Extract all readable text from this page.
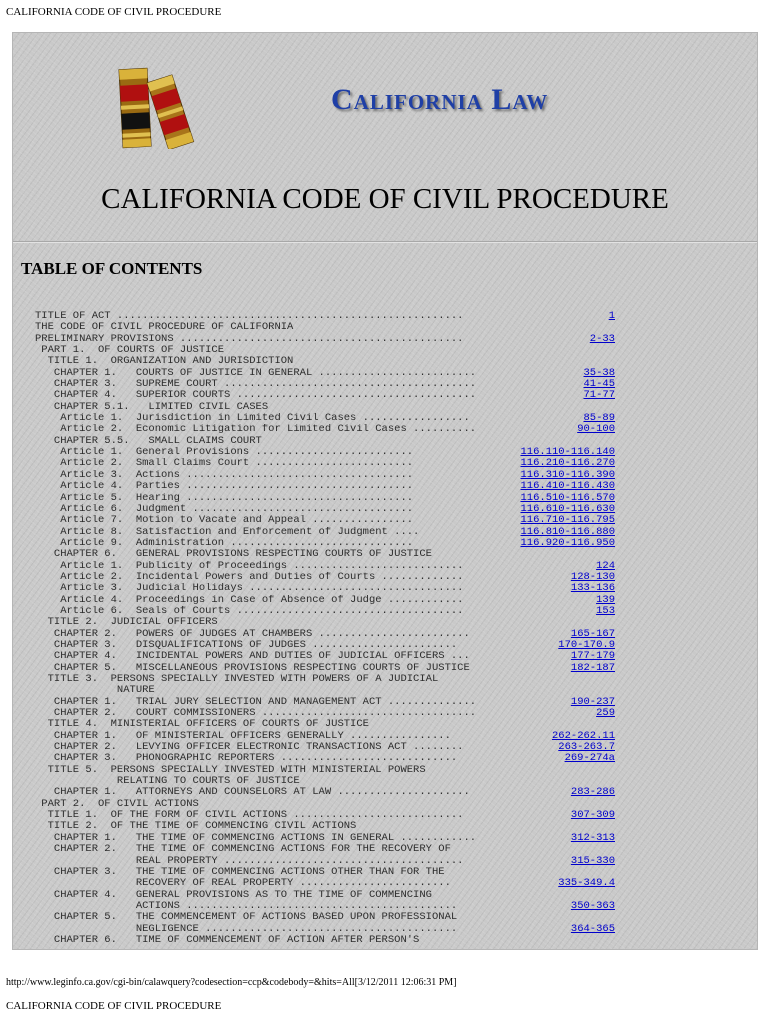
CALIFORNIA CODE OF CIVIL PROCEDURE
California Law
CALIFORNIA CODE OF CIVIL PROCEDURE
TABLE OF CONTENTS
TITLE OF ACT .......................................................	1
THE CODE OF CIVIL PROCEDURE OF CALIFORNIA
PRELIMINARY PROVISIONS .............................................	2-33
PART 1.  OF COURTS OF JUSTICE
TITLE 1.  ORGANIZATION AND JURISDICTION
CHAPTER 1.   COURTS OF JUSTICE IN GENERAL .........................	35-38
CHAPTER 3.   SUPREME COURT ........................................	41-45
CHAPTER 4.   SUPERIOR COURTS ......................................	71-77
CHAPTER 5.1.   LIMITED CIVIL CASES
Article 1.  Jurisdiction in Limited Civil Cases .................	85-89
Article 2.  Economic Litigation for Limited Civil Cases ..........	90-100
CHAPTER 5.5.   SMALL CLAIMS COURT
Article 1.  General Provisions .........................	116.110-116.140
Article 2.  Small Claims Court .........................	116.210-116.270
Article 3.  Actions ....................................	116.310-116.390
Article 4.  Parties ....................................	116.410-116.430
Article 5.  Hearing ....................................	116.510-116.570
Article 6.  Judgment ...................................	116.610-116.630
Article 7.  Motion to Vacate and Appeal ................	116.710-116.795
Article 8.  Satisfaction and Enforcement of Judgment ....	116.810-116.880
Article 9.  Administration .............................	116.920-116.950
CHAPTER 6.   GENERAL PROVISIONS RESPECTING COURTS OF JUSTICE
Article 1.  Publicity of Proceedings ...........................	124
Article 2.  Incidental Powers and Duties of Courts .............	128-130
Article 3.  Judicial Holidays ..................................	133-136
Article 4.  Proceedings in Case of Absence of Judge ............	139
Article 6.  Seals of Courts ....................................	153
TITLE 2.  JUDICIAL OFFICERS
CHAPTER 2.   POWERS OF JUDGES AT CHAMBERS ........................	165-167
CHAPTER 3.   DISQUALIFICATIONS OF JUDGES .......................	170-170.9
CHAPTER 4.   INCIDENTAL POWERS AND DUTIES OF JUDICIAL OFFICERS ...	177-179
CHAPTER 5.   MISCELLANEOUS PROVISIONS RESPECTING COURTS OF JUSTICE	182-187
TITLE 3.  PERSONS SPECIALLY INVESTED WITH POWERS OF A JUDICIAL
NATURE
CHAPTER 1.   TRIAL JURY SELECTION AND MANAGEMENT ACT ..............	190-237
CHAPTER 2.   COURT COMMISSIONERS ..................................	259
TITLE 4.  MINISTERIAL OFFICERS OF COURTS OF JUSTICE
CHAPTER 1.   OF MINISTERIAL OFFICERS GENERALLY ................	262-262.11
CHAPTER 2.   LEVYING OFFICER ELECTRONIC TRANSACTIONS ACT ........	263-263.7
CHAPTER 3.   PHONOGRAPHIC REPORTERS ............................	269-274a
TITLE 5.  PERSONS SPECIALLY INVESTED WITH MINISTERIAL POWERS
RELATING TO COURTS OF JUSTICE
CHAPTER 1.   ATTORNEYS AND COUNSELORS AT LAW .....................	283-286
PART 2.  OF CIVIL ACTIONS
TITLE 1.  OF THE FORM OF CIVIL ACTIONS ...........................	307-309
TITLE 2.  OF THE TIME OF COMMENCING CIVIL ACTIONS
CHAPTER 1.   THE TIME OF COMMENCING ACTIONS IN GENERAL ............	312-313
CHAPTER 2.   THE TIME OF COMMENCING ACTIONS FOR THE RECOVERY OF
REAL PROPERTY ......................................	315-330
CHAPTER 3.   THE TIME OF COMMENCING ACTIONS OTHER THAN FOR THE
RECOVERY OF REAL PROPERTY ........................	335-349.4
CHAPTER 4.   GENERAL PROVISIONS AS TO THE TIME OF COMMENCING
ACTIONS ...........................................	350-363
CHAPTER 5.   THE COMMENCEMENT OF ACTIONS BASED UPON PROFESSIONAL
NEGLIGENCE ........................................	364-365
CHAPTER 6.   TIME OF COMMENCEMENT OF ACTION AFTER PERSON'S
http://www.leginfo.ca.gov/cgi-bin/calawquery?codesection=ccp&codebody=&hits=All[3/12/2011 12:06:31 PM]
CALIFORNIA CODE OF CIVIL PROCEDURE
